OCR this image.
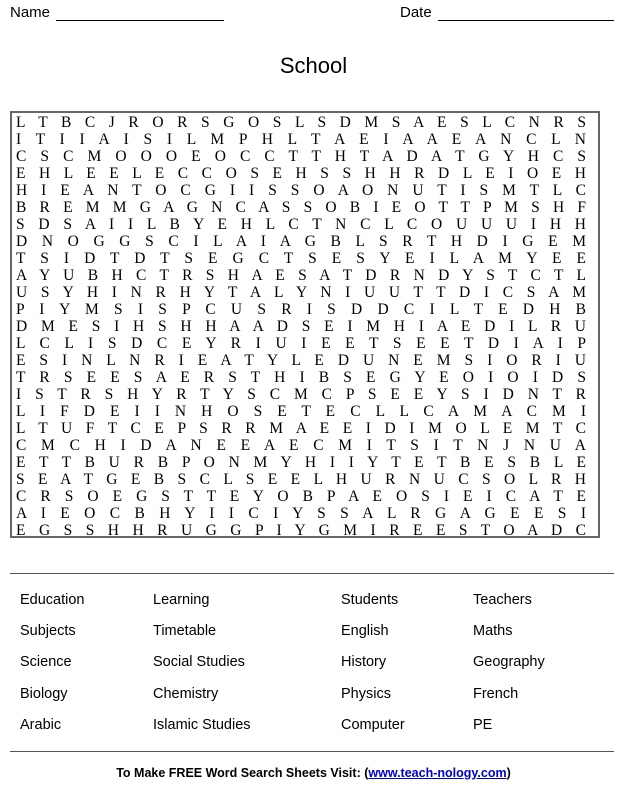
Name	Date
School
L T B C J R O R S G O S L S D M S A E S L C N R S
I T I I A I S I L M P H L T A E I A A E A N C L N
C S C M O O O E O C C T T H T A D A T G Y H C S
E H L E E L E C C O S E H S S H H R D L E I O E H
H I E A N T O C G I I S S O A O N U T I S M T L C
B R E M M G A G N C A S S O B I E O T T P M S H F
S D S A I I L B Y E H L C T N C L C O U U U I H H
D N O G G S C I L A I A G B L S R T H D I G E M
T S I D T D T S E G C T S E S Y E I L A M Y E E
A Y U B H C T R S H A E S A T D R N D Y S T C T L
U S Y H I N R H Y T A L Y N I U U T T D I C S A M
P I Y M S I S P C U S R I S D D C I L T E D H B
D M E S I H S H H A A D S E I M H I A E D I L R U
L C L I S D C E Y R I U I E E T S E E T D I A I P
E S I N L N R I E A T Y L E D U N E M S I O R I U
T R S E E S A E R S T H I B S E G Y E O I O I D S
I S T R S H Y R T Y S C M C P S E E Y S I D N T R
L I F D E I I N H O S E T E C L L C A M A C M I
L T U F T C E P S R R M A E E I D I M O L E M T C
C M C H I D A N E E A E C M I T S I T N J N U A
E T T B U R B P O N M Y H I I Y T E T B E S B L E
S E A T G E B S C L S E E L H U R N U C S O L R H
C R S O E G S T T E Y O B P A E O S I E I C A T E
A I E O C B H Y I I C I Y S S A L R G A G E E S I
E G S S H H R U G G P I Y G M I R E E S T O A D C
Education
Subjects
Science
Biology
Arabic
Learning
Timetable
Social Studies
Chemistry
Islamic Studies
Students
English
History
Physics
Computer
Teachers
Maths
Geography
French
PE
To Make FREE Word Search Sheets Visit: (www.teach-nology.com)
